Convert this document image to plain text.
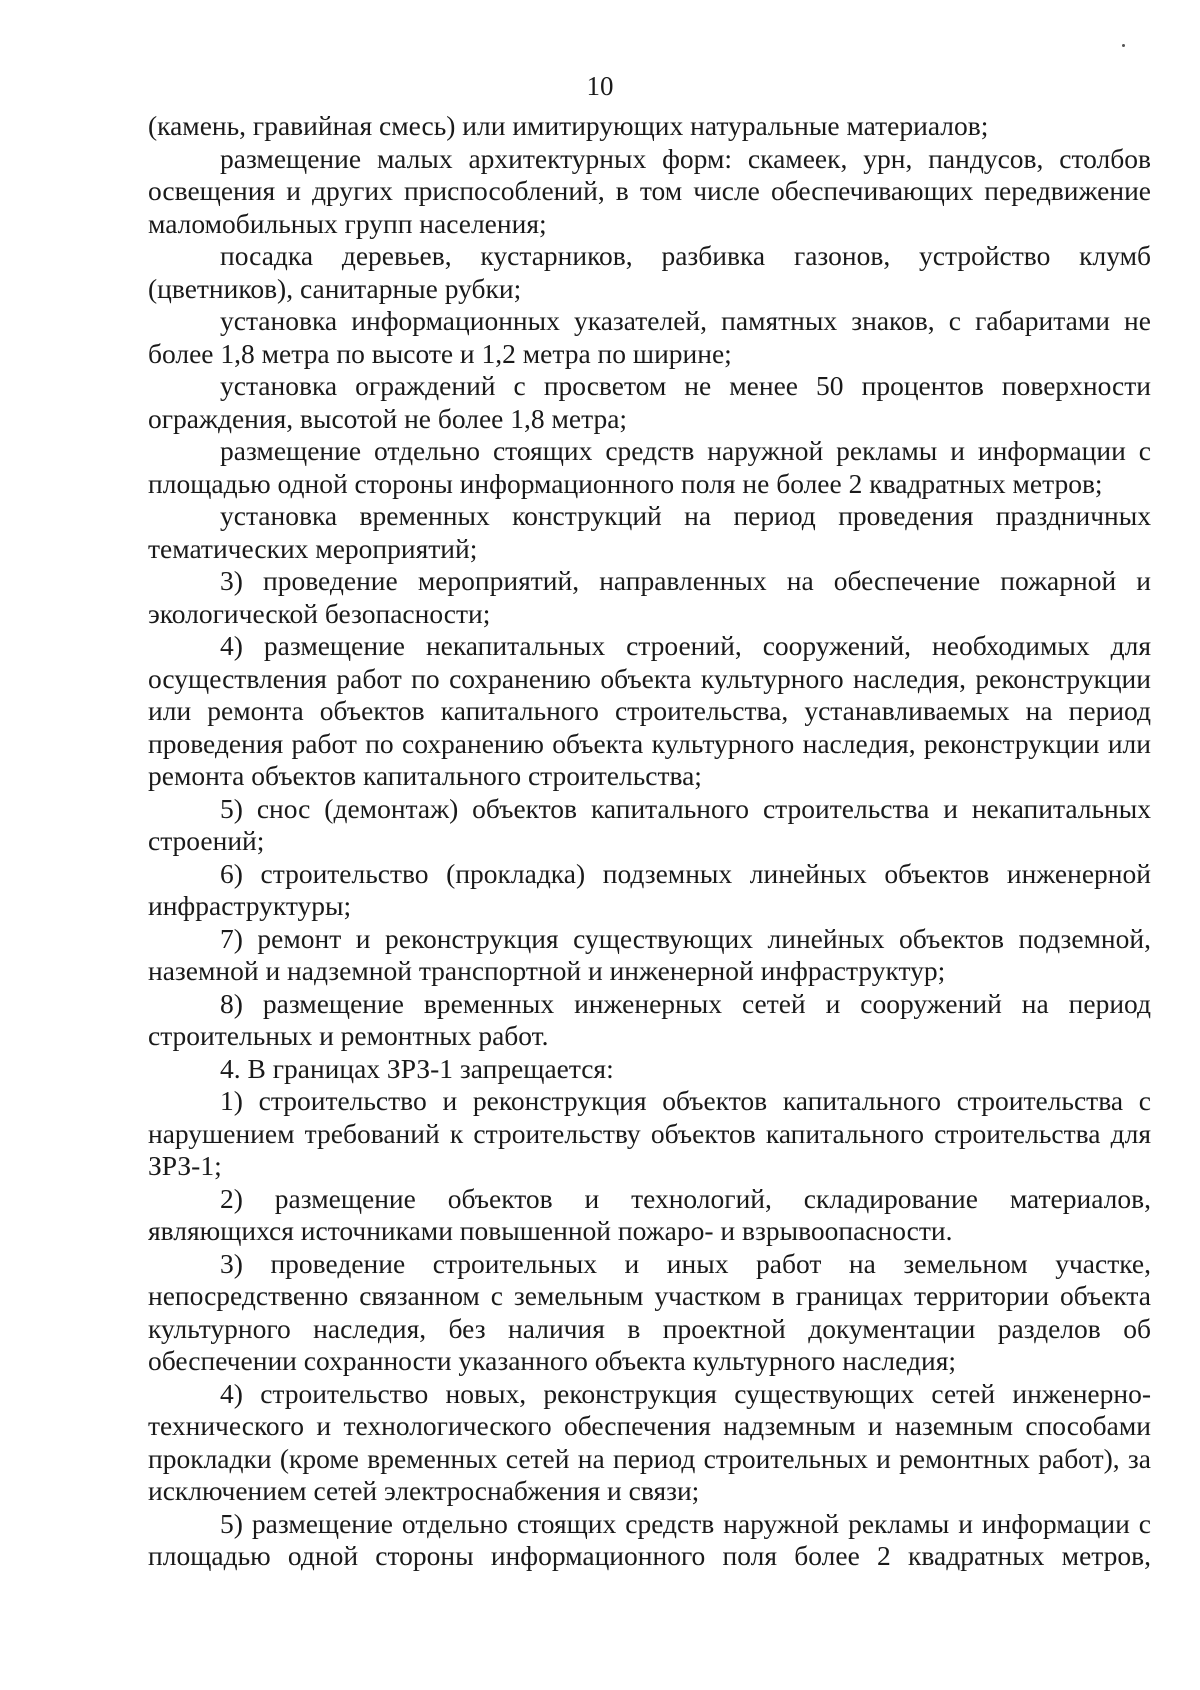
10

(камень, гравийная смесь) или имитирующих натуральные материалов;

размещение малых архитектурных форм: скамеек, урн, пандусов, столбов освещения и других приспособлений, в том числе обеспечивающих передвижение маломобильных групп населения;

посадка деревьев, кустарников, разбивка газонов, устройство клумб (цветников), санитарные рубки;

установка информационных указателей, памятных знаков, с габаритами не более 1,8 метра по высоте и 1,2 метра по ширине;

установка ограждений с просветом не менее 50 процентов поверхности ограждения, высотой не более 1,8 метра;

размещение отдельно стоящих средств наружной рекламы и информации с площадью одной стороны информационного поля не более 2 квадратных метров;

установка временных конструкций на период проведения праздничных тематических мероприятий;

3) проведение мероприятий, направленных на обеспечение пожарной и экологической безопасности;

4) размещение некапитальных строений, сооружений, необходимых для осуществления работ по сохранению объекта культурного наследия, реконструкции или ремонта объектов капитального строительства, устанавливаемых на период проведения работ по сохранению объекта культурного наследия, реконструкции или ремонта объектов капитального строительства;

5) снос (демонтаж) объектов капитального строительства и некапитальных строений;

6) строительство (прокладка) подземных линейных объектов инженерной инфраструктуры;

7) ремонт и реконструкция существующих линейных объектов подземной, наземной и надземной транспортной и инженерной инфраструктур;

8) размещение временных инженерных сетей и сооружений на период строительных и ремонтных работ.

4. В границах ЗРЗ-1 запрещается:

1) строительство и реконструкция объектов капитального строительства с нарушением требований к строительству объектов капитального строительства для ЗРЗ-1;

2) размещение объектов и технологий, складирование материалов, являющихся источниками повышенной пожаро- и взрывоопасности.

3) проведение строительных и иных работ на земельном участке, непосредственно связанном с земельным участком в границах территории объекта культурного наследия, без наличия в проектной документации разделов об обеспечении сохранности указанного объекта культурного наследия;

4) строительство новых, реконструкция существующих сетей инженерно-технического и технологического обеспечения надземным и наземным способами прокладки (кроме временных сетей на период строительных и ремонтных работ), за исключением сетей электроснабжения и связи;

5) размещение отдельно стоящих средств наружной рекламы и информации с площадью одной стороны информационного поля более 2 квадратных метров,
